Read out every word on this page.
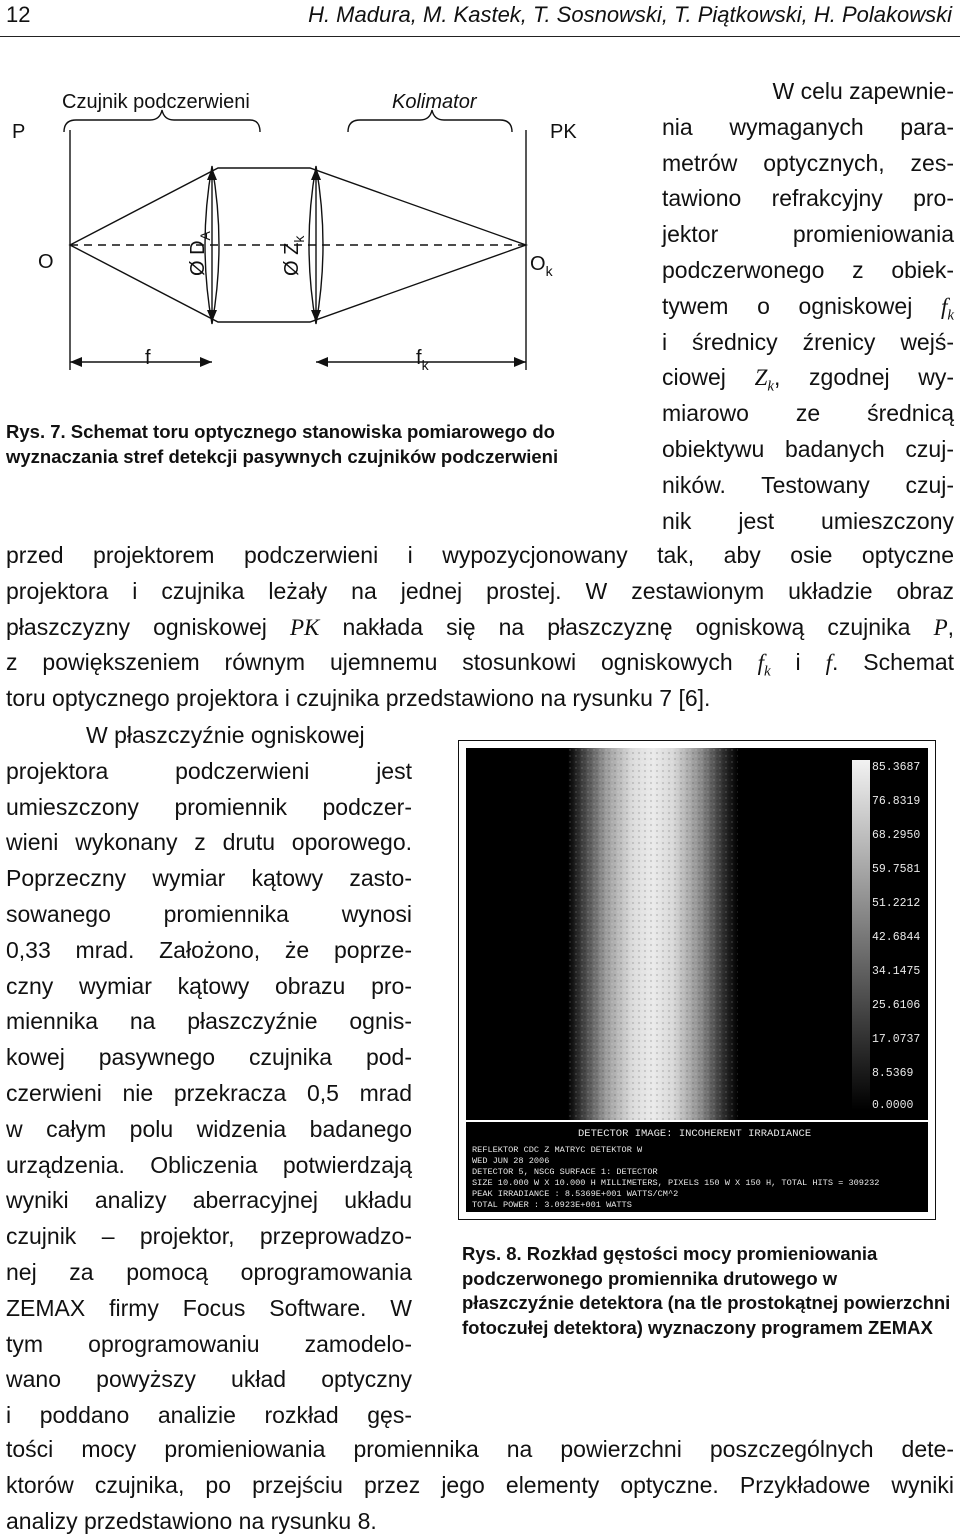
12	H. Madura, M. Kastek, T. Sosnowski, T. Piątkowski, H. Polakowski
Czujnik podczerwieni	Kolimator
P	PK
O	$O_k$
f	$f_k$
Ø $D_A$
Ø $Z_k$
Rys. 7. Schemat toru optycznego stanowiska pomiarowego do wyznaczania stref detekcji pasywnych czujników podczerwieni
W celu zapewnie-
nia wymaganych para-
metrów optycznych, zes-
tawiono refrakcyjny pro-
jektor promieniowania
podczerwonego z obiek-
tywem o ogniskowej $f_k$
i średnicy źrenicy wejś-
ciowej $Z_k$, zgodnej wy-
miarowo ze średnicą
obiektywu badanych czuj-
ników. Testowany czuj-
nik jest umieszczony
przed projektorem podczerwieni i wypozycjonowany tak, aby osie optyczne
projektora i czujnika leżały na jednej prostej. W zestawionym układzie obraz
płaszczyzny ogniskowej PK nakłada się na płaszczyznę ogniskową czujnika P,
z powiększeniem równym ujemnemu stosunkowi ogniskowych $f_k$ i f. Schemat
toru optycznego projektora i czujnika przedstawiono na rysunku 7 [6].
W płaszczyźnie ogniskowej
projektora podczerwieni jest
umieszczony promiennik podczer-
wieni wykonany z drutu oporowego.
Poprzeczny wymiar kątowy zasto-
sowanego promiennika wynosi
0,33 mrad. Założono, że poprze-
czny wymiar kątowy obrazu pro-
miennika na płaszczyźnie ognis-
kowej pasywnego czujnika pod-
czerwieni nie przekracza 0,5 mrad
w całym polu widzenia badanego
urządzenia. Obliczenia potwierdzają
wyniki analizy aberracyjnej układu
czujnik – projektor, przeprowadzo-
nej za pomocą oprogramowania
ZEMAX firmy Focus Software. W
tym oprogramowaniu zamodelo-
wano powyższy układ optyczny
i poddano analizie rozkład gęs-
85.3687
76.8319
68.2950
59.7581
51.2212
42.6844
34.1475
25.6106
17.0737
8.5369
0.0000
DETECTOR IMAGE: INCOHERENT IRRADIANCE
REFLEKTOR CDC Z MATRYC DETEKTOR W
WED JUN 28 2006
DETECTOR 5, NSCG SURFACE 1: DETECTOR
SIZE 10.000 W X 10.000 H MILLIMETERS, PIXELS 150 W X 150 H, TOTAL HITS = 309232
PEAK IRRADIANCE : 8.5369E+001 WATTS/CM^2
TOTAL POWER : 3.0923E+001 WATTS
Rys. 8. Rozkład gęstości mocy promieniowania podczerwonego promiennika drutowego w płaszczyźnie detektora (na tle prostokątnej powierzchni fotoczułej detektora) wyznaczony programem ZEMAX
tości mocy promieniowania promiennika na powierzchni poszczególnych dete-
ktorów czujnika, po przejściu przez jego elementy optyczne. Przykładowe wyniki
analizy przedstawiono na rysunku 8.
